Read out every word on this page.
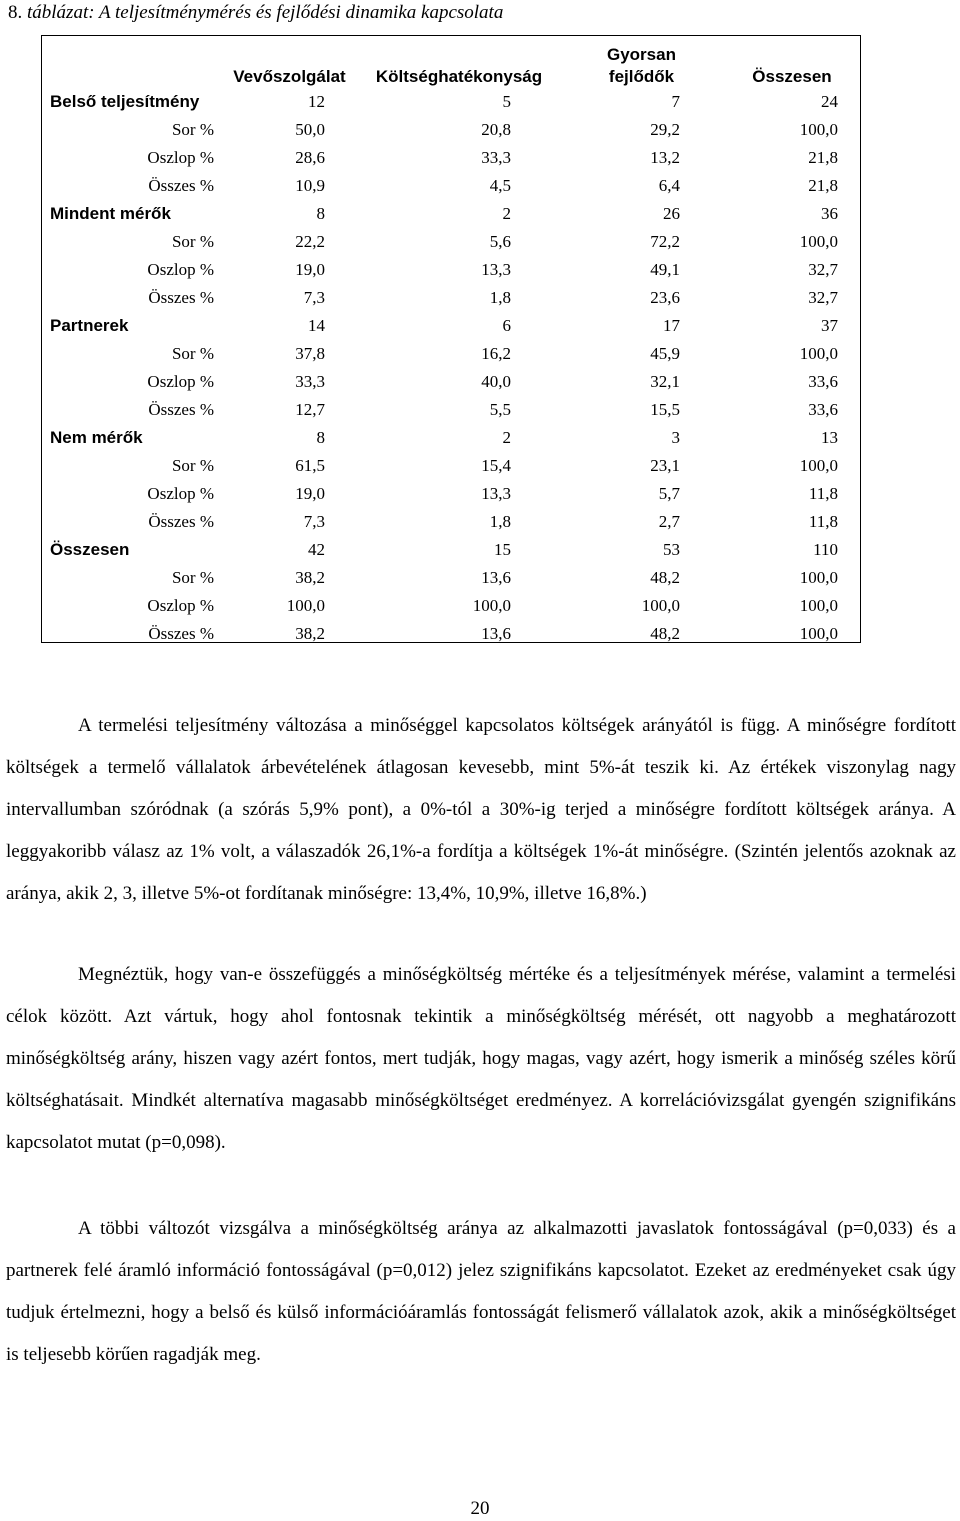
8. táblázat: A teljesítménymérés és fejlődési dinamika kapcsolata
	Vevőszolgálat	Költséghatékonyság	Gyorsan
fejlődők	Összesen
Belső teljesítmény	12	5	7	24
Sor %	50,0	20,8	29,2	100,0
Oszlop %	28,6	33,3	13,2	21,8
Összes %	10,9	4,5	6,4	21,8
Mindent mérők	8	2	26	36
Sor %	22,2	5,6	72,2	100,0
Oszlop %	19,0	13,3	49,1	32,7
Összes %	7,3	1,8	23,6	32,7
Partnerek	14	6	17	37
Sor %	37,8	16,2	45,9	100,0
Oszlop %	33,3	40,0	32,1	33,6
Összes %	12,7	5,5	15,5	33,6
Nem mérők	8	2	3	13
Sor %	61,5	15,4	23,1	100,0
Oszlop %	19,0	13,3	5,7	11,8
Összes %	7,3	1,8	2,7	11,8
Összesen	42	15	53	110
Sor %	38,2	13,6	48,2	100,0
Oszlop %	100,0	100,0	100,0	100,0
Összes %	38,2	13,6	48,2	100,0

A termelési teljesítmény változása a minőséggel kapcsolatos költségek arányától is függ. A minőségre fordított költségek a termelő vállalatok árbevételének átlagosan kevesebb, mint 5%-át teszik ki. Az értékek viszonylag nagy intervallumban szóródnak (a szórás 5,9% pont), a 0%-tól a 30%-ig terjed a minőségre fordított költségek aránya. A leggyakoribb válasz az 1% volt, a válaszadók 26,1%-a fordítja a költségek 1%-át minőségre. (Szintén jelentős azoknak az aránya, akik 2, 3, illetve 5%-ot fordítanak minőségre: 13,4%, 10,9%, illetve 16,8%.)

Megnéztük, hogy van-e összefüggés a minőségköltség mértéke és a teljesítmények mérése, valamint a termelési célok között. Azt vártuk, hogy ahol fontosnak tekintik a minőségköltség mérését, ott nagyobb a meghatározott minőségköltség arány, hiszen vagy azért fontos, mert tudják, hogy magas, vagy azért, hogy ismerik a minőség széles körű költséghatásait. Mindkét alternatíva magasabb minőségköltséget eredményez. A korrelációvizsgálat gyengén szignifikáns kapcsolatot mutat (p=0,098).

A többi változót vizsgálva a minőségköltség aránya az alkalmazotti javaslatok fontosságával (p=0,033) és a partnerek felé áramló információ fontosságával (p=0,012) jelez szignifikáns kapcsolatot. Ezeket az eredményeket csak úgy tudjuk értelmezni, hogy a belső és külső információáramlás fontosságát felismerő vállalatok azok, akik a minőségköltséget is teljesebb körűen ragadják meg.

20
